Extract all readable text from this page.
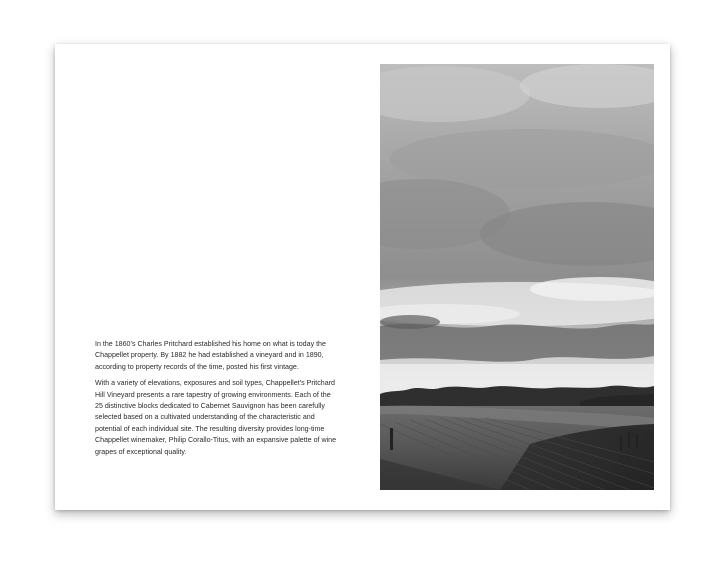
In the 1860’s Charles Pritchard established his home on what is today the Chappellet property. By 1882 he had established a vineyard and in 1890, according to property records of the time, posted his first vintage.

With a variety of elevations, exposures and soil types, Chappellet’s Pritchard Hill Vineyard presents a rare tapestry of growing environments. Each of the 25 distinctive blocks dedicated to Cabernet Sauvignon has been carefully selected based on a cultivated understanding of the characteristic and potential of each individual site. The resulting diversity provides long-time Chappellet winemaker, Philip Corallo-Titus, with an expansive palette of wine grapes of exceptional quality.
